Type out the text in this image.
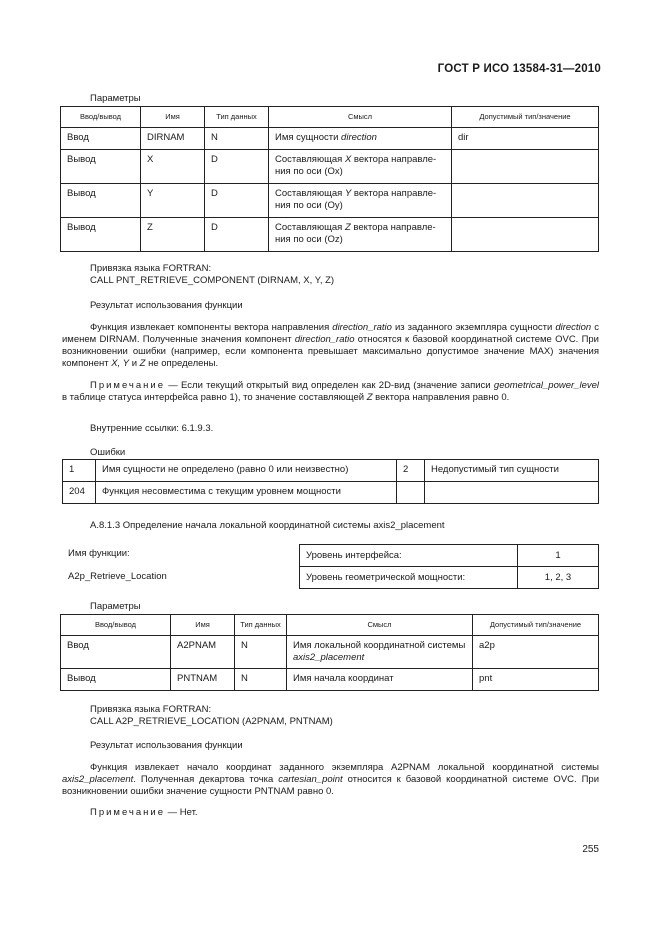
ГОСТ Р ИСО 13584-31—2010
Параметры
Ввод/вывод	Имя	Тип данных	Смысл	Допустимый тип/значение
Ввод	DIRNAM	N	Имя сущности direction	dir
Вывод	X	D	Составляющая X вектора направле-ния по оси (Ox)	
Вывод	Y	D	Составляющая Y вектора направле-ния по оси (Oy)	
Вывод	Z	D	Составляющая Z вектора направле-ния по оси (Oz)	
Привязка языка FORTRAN:
CALL PNT_RETRIEVE_COMPONENT (DIRNAM, X, Y, Z)
Результат использования функции
Функция извлекает компоненты вектора направления direction_ratio из заданного экземпляра сущности direction с именем DIRNAM. Полученные значения компонент direction_ratio относятся к базовой координатной системе OVC. При возникновении ошибки (например, если компонента превышает максимально допустимое значение MAX) значения компонент X, Y и Z не определены.
Примечание — Если текущий открытый вид определен как 2D-вид (значение записи geometrical_power_level в таблице статуса интерфейса равно 1), то значение составляющей Z вектора направления равно 0.
Внутренние ссылки: 6.1.9.3.
Ошибки
1	Имя сущности не определено (равно 0 или неизвестно)	2	Недопустимый тип сущности
204	Функция несовместима с текущим уровнем мощности		
А.8.1.3 Определение начала локальной координатной системы axis2_placement
Имя функции:
A2p_Retrieve_Location
Уровень интерфейса:	1
Уровень геометрической мощности:	1, 2, 3
Параметры
Ввод/вывод	Имя	Тип данных	Смысл	Допустимый тип/значение
Ввод	A2PNAM	N	Имя локальной координатной системы axis2_placement	a2p
Вывод	PNTNAM	N	Имя начала координат	pnt
Привязка языка FORTRAN:
CALL A2P_RETRIEVE_LOCATION (A2PNAM, PNTNAM)
Результат использования функции
Функция извлекает начало координат заданного экземпляра A2PNAM локальной координатной системы axis2_placement. Полученная декартова точка cartesian_point относится к базовой координатной системе OVC. При возникновении ошибки значение сущности PNTNAM равно 0.
Примечание — Нет.
255
